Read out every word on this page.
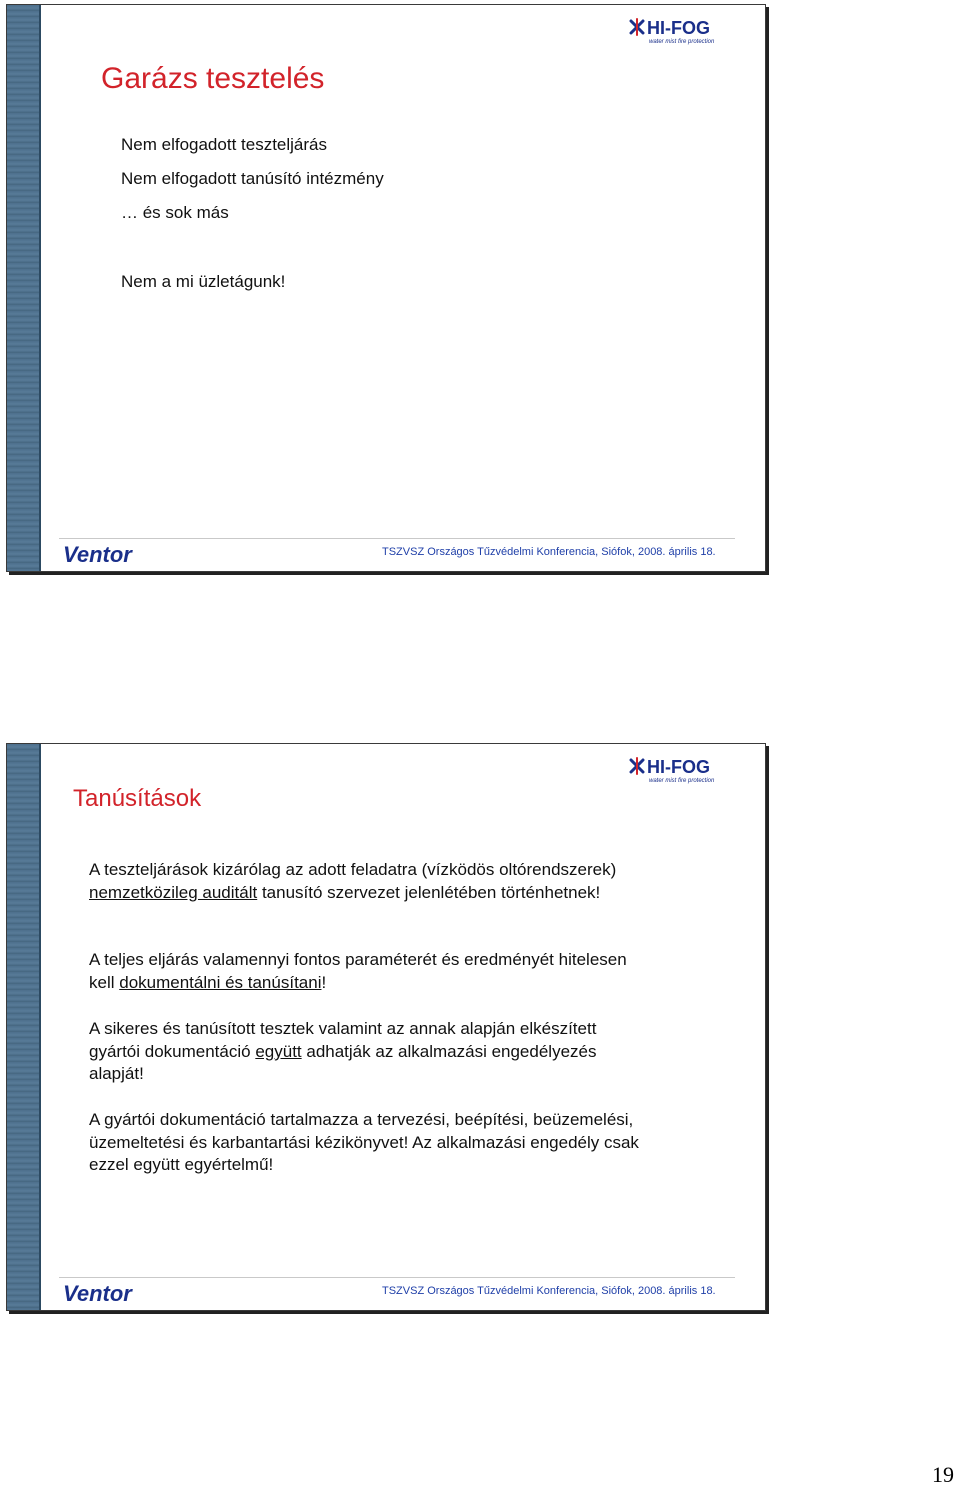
HI-FOG
water mist fire protection
Garázs tesztelés
Nem elfogadott teszteljárás
Nem elfogadott tanúsító intézmény
… és sok más
Nem a mi üzletágunk!
Ventor	TSZVSZ Országos Tűzvédelmi Konferencia, Siófok, 2008. április 18.
HI-FOG
water mist fire protection
Tanúsítások

A teszteljárások kizárólag az adott feladatra (vízködös oltórendszerek) nemzetközileg auditált tanusító szervezet jelenlétében történhetnek!

A teljes eljárás valamennyi fontos paraméterét és eredményét hitelesen kell dokumentálni és tanúsítani!

A sikeres és tanúsított tesztek valamint az annak alapján elkészített gyártói dokumentáció együtt adhatják az alkalmazási engedélyezés alapját!

A gyártói dokumentáció tartalmazza a tervezési, beépítési, beüzemelési, üzemeltetési és karbantartási kézikönyvet! Az alkalmazási engedély csak ezzel együtt egyértelmű!

Ventor	TSZVSZ Országos Tűzvédelmi Konferencia, Siófok, 2008. április 18.
19
